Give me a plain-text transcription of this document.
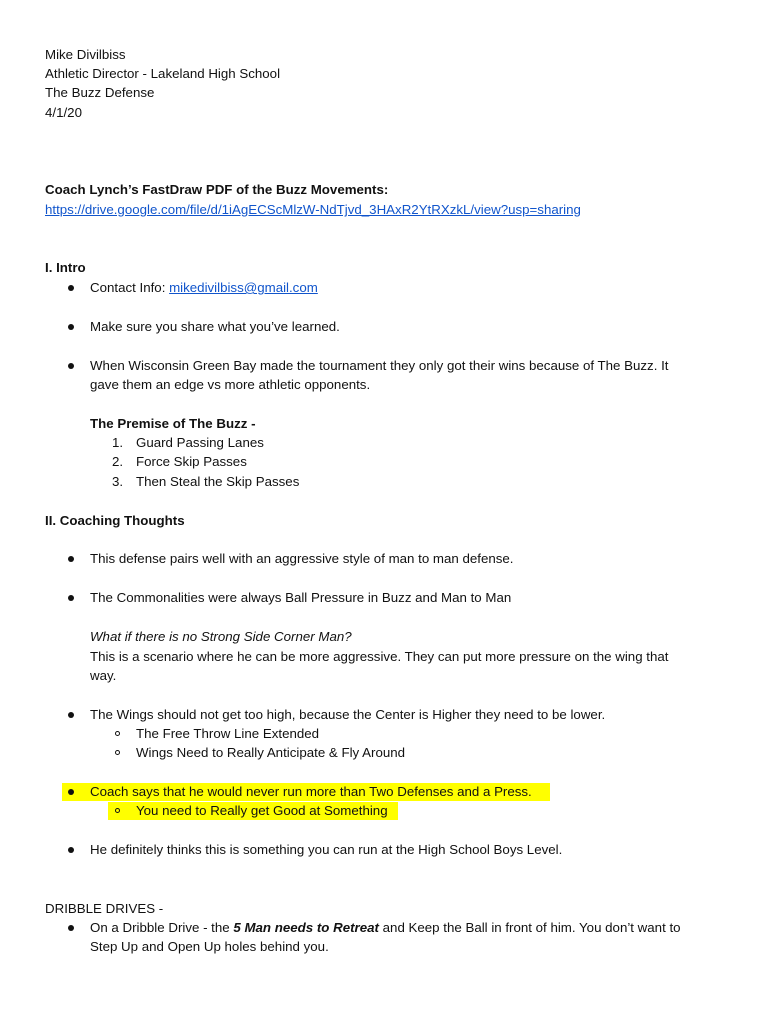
Mike Divilbiss
Athletic Director - Lakeland High School
The Buzz Defense
4/1/20
Coach Lynch’s FastDraw PDF of the Buzz Movements:
https://drive.google.com/file/d/1iAgECScMlzW-NdTjvd_3HAxR2YtRXzkL/view?usp=sharing
I. Intro
Contact Info: mikedivilbiss@gmail.com
Make sure you share what you’ve learned.
When Wisconsin Green Bay made the tournament they only got their wins because of The Buzz. It
gave them an edge vs more athletic opponents.
The Premise of The Buzz -
1. Guard Passing Lanes
2. Force Skip Passes
3. Then Steal the Skip Passes
II. Coaching Thoughts
This defense pairs well with an aggressive style of man to man defense.
The Commonalities were always Ball Pressure in Buzz and Man to Man
What if there is no Strong Side Corner Man?
This is a scenario where he can be more aggressive. They can put more pressure on the wing that
way.
The Wings should not get too high, because the Center is Higher they need to be lower.
The Free Throw Line Extended
Wings Need to Really Anticipate & Fly Around
Coach says that he would never run more than Two Defenses and a Press.
You need to Really get Good at Something
He definitely thinks this is something you can run at the High School Boys Level.
DRIBBLE DRIVES -
On a Dribble Drive - the 5 Man needs to Retreat and Keep the Ball in front of him. You don’t want to
Step Up and Open Up holes behind you.
